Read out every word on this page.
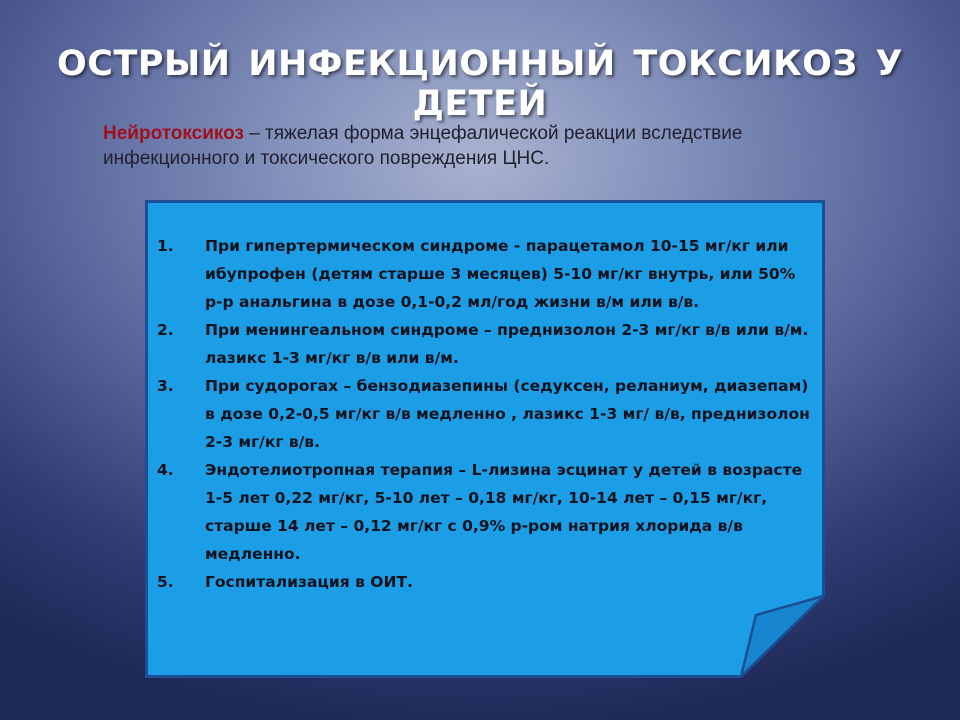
ОСТРЫЙ ИНФЕКЦИОННЫЙ ТОКСИКОЗ У ДЕТЕЙ
Нейротоксикоз – тяжелая форма энцефалической реакции вследствие инфекционного и токсического повреждения ЦНС.
1.	При гипертермическом синдроме - парацетамол 10-15 мг/кг или ибупрофен (детям старше 3 месяцев) 5-10 мг/кг внутрь, или 50% р-р анальгина в дозе 0,1-0,2 мл/год жизни в/м или в/в.
2.	При менингеальном синдроме – преднизолон 2-3 мг/кг в/в или в/м. лазикс 1-3 мг/кг в/в или в/м.
3.	При судорогах – бензодиазепины (седуксен, реланиум, диазепам) в дозе 0,2-0,5 мг/кг в/в медленно , лазикс 1-3 мг/ в/в, преднизолон 2-3 мг/кг в/в.
4.	Эндотелиотропная терапия – L-лизина эсцинат у детей в возрасте 1-5 лет 0,22 мг/кг, 5-10 лет – 0,18 мг/кг, 10-14 лет – 0,15 мг/кг, старше 14 лет – 0,12 мг/кг с 0,9% р-ром натрия хлорида в/в медленно.
5.	Госпитализация в ОИТ.
